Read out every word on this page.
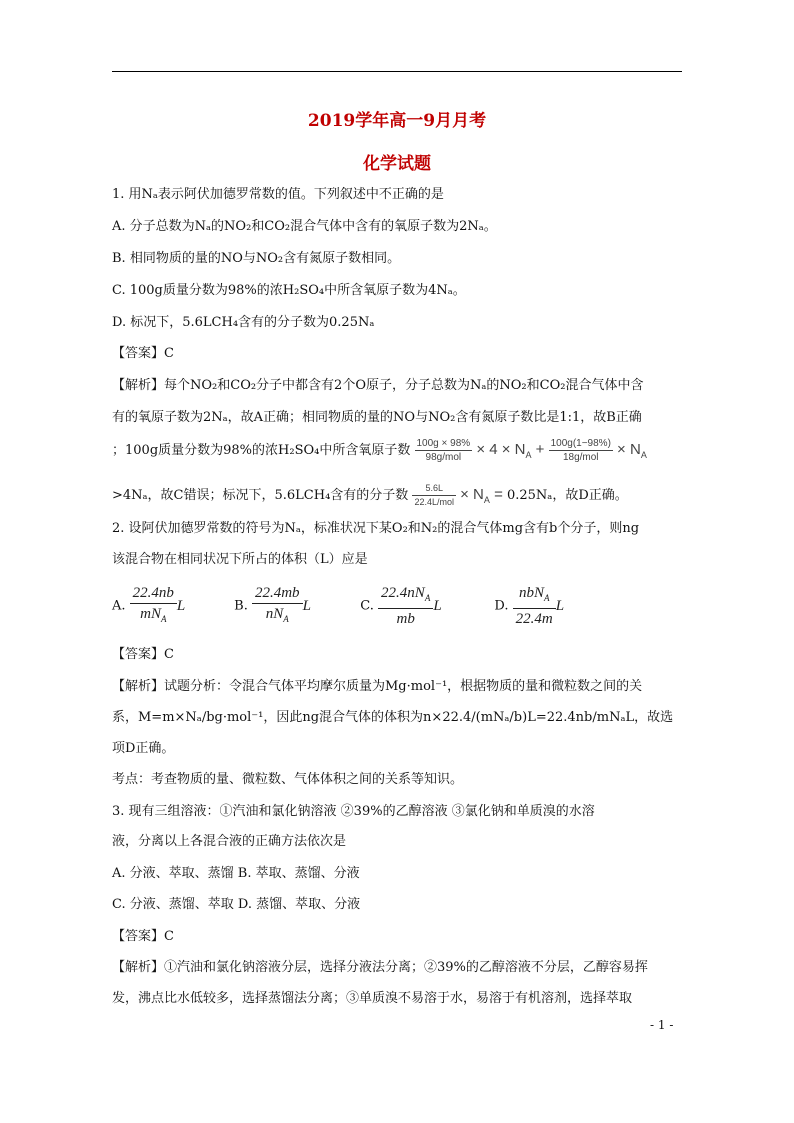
2019学年高一9月月考
化学试题
1. 用Nₐ表示阿伏加德罗常数的值。下列叙述中不正确的是
A. 分子总数为Nₐ的NO₂和CO₂混合气体中含有的氧原子数为2Nₐ。
B. 相同物质的量的NO与NO₂含有氮原子数相同。
C. 100g质量分数为98%的浓H₂SO₄中所含氧原子数为4Nₐ。
D. 标况下，5.6LCH₄含有的分子数为0.25Nₐ
【答案】C
【解析】每个NO₂和CO₂分子中都含有2个O原子，分子总数为Nₐ的NO₂和CO₂混合气体中含
有的氧原子数为2Nₐ，故A正确；相同物质的量的NO与NO₂含有氮原子数比是1:1，故B正确
；100g质量分数为98%的浓H₂SO₄中所含氧原子数 $\frac{100g \times 98\%}{\text{98g/mol}} \times 4 \times N_A + \frac{100g(1-98\%)}{\text{18g/mol}} \times N_A$
>4Nₐ，故C错误；标况下，5.6LCH₄含有的分子数 $\frac{5.6L}{\text{22.4L/mol}} \times N_A = 0.25N_a$，故D正确。
2. 设阿伏加德罗常数的符号为Nₐ，标准状况下某O₂和N₂的混合气体mg含有b个分子，则ng
该混合物在相同状况下所占的体积（L）应是
A. $\frac{22.4nb}{mN_A}$ L	B. $\frac{22.4mb}{nN_A}$ L	C. $\frac{22.4nN_A}{mb}$ L	D. $\frac{nbN_A}{22.4m}$ L
【答案】C
【解析】试题分析：令混合气体平均摩尔质量为Mg·mol⁻¹，根据物质的量和微粒数之间的关
系，M=m×Nₐ/bg·mol⁻¹，因此ng混合气体的体积为n×22.4/(mNₐ/b)L=22.4nb/mNₐL，故选
项D正确。
考点：考查物质的量、微粒数、气体体积之间的关系等知识。
3. 现有三组溶液：①汽油和氯化钠溶液 ②39%的乙醇溶液 ③氯化钠和单质溴的水溶
液，分离以上各混合液的正确方法依次是
A. 分液、萃取、蒸馏 B. 萃取、蒸馏、分液
C. 分液、蒸馏、萃取 D. 蒸馏、萃取、分液
【答案】C
【解析】①汽油和氯化钠溶液分层，选择分液法分离；②39%的乙醇溶液不分层，乙醇容易挥
发，沸点比水低较多，选择蒸馏法分离；③单质溴不易溶于水，易溶于有机溶剂，选择萃取
- 1 -
